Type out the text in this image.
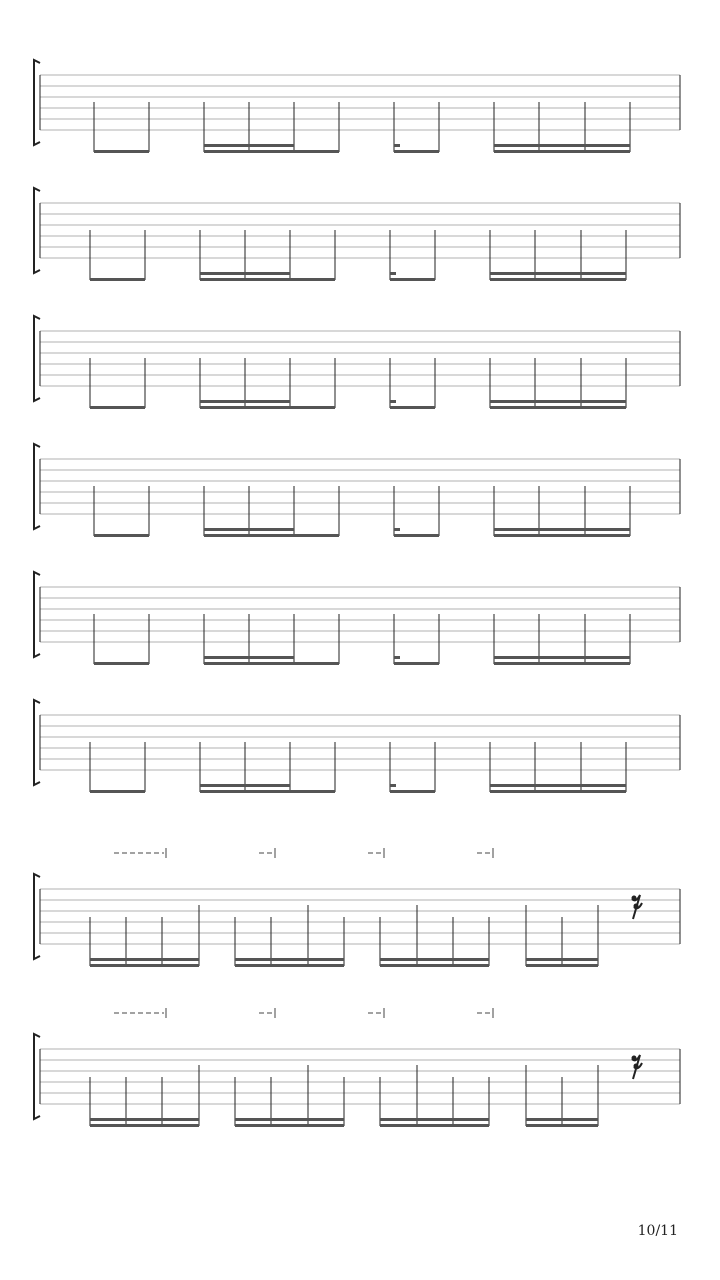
10/11
